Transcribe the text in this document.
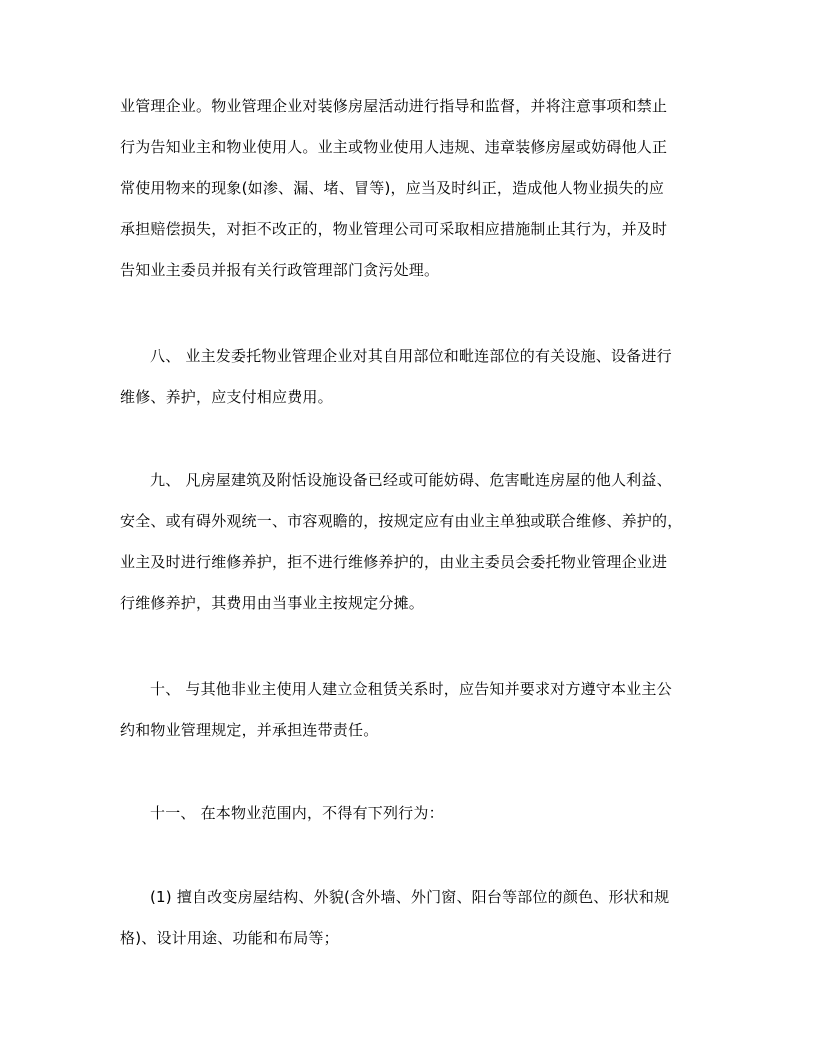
业管理企业。物业管理企业对装修房屋活动进行指导和监督，并将注意事项和禁止
行为告知业主和物业使用人。业主或物业使用人违规、违章装修房屋或妨碍他人正
常使用物来的现象(如渗、漏、堵、冒等)，应当及时纠正，造成他人物业损失的应
承担赔偿损失，对拒不改正的，物业管理公司可采取相应措施制止其行为，并及时
告知业主委员并报有关行政管理部门贪污处理。
八、 业主发委托物业管理企业对其自用部位和毗连部位的有关设施、设备进行
维修、养护，应支付相应费用。
九、 凡房屋建筑及附恬设施设备已经或可能妨碍、危害毗连房屋的他人利益、
安全、或有碍外观统一、市容观瞻的，按规定应有由业主单独或联合维修、养护的，
业主及时进行维修养护，拒不进行维修养护的，由业主委员会委托物业管理企业进
行维修养护，其费用由当事业主按规定分摊。
十、 与其他非业主使用人建立佥租赁关系时，应告知并要求对方遵守本业主公
约和物业管理规定，并承担连带责任。
十一、 在本物业范围内，不得有下列行为：
(1) 擅自改变房屋结构、外貌(含外墙、外门窗、阳台等部位的颜色、形状和规
格)、设计用途、功能和布局等；
